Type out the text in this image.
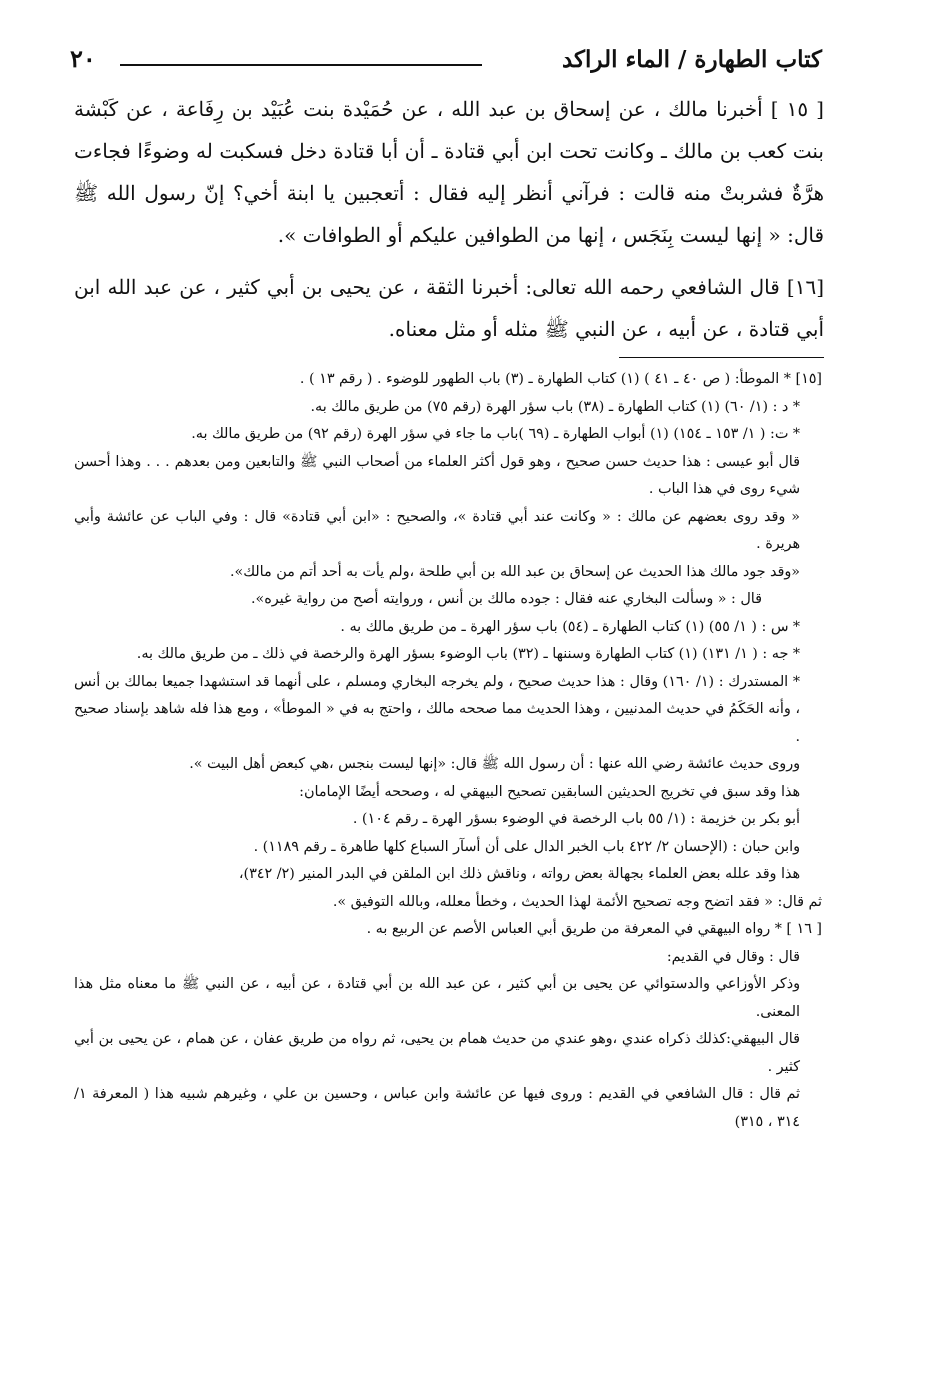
كتاب الطهارة / الماء الراكد
٢٠

[ ١٥ ] أخبرنا مالك ، عن إسحاق بن عبد الله ، عن حُمَيْدة بنت عُبَيْد بن رِفَاعة ، عن كَبْشة بنت كعب بن مالك ـ وكانت تحت ابن أبي قتادة ـ أن أبا قتادة دخل فسكبت له وضوءًا فجاءت هرَّةٌ فشربتْ منه قالت : فرآني أنظر إليه فقال : أتعجبين يا ابنة أخي؟ إنّ رسول الله ﷺ قال: « إنها ليست بِنَجَس ، إنها من الطوافين عليكم أو الطوافات ».

[١٦] قال الشافعي رحمه الله تعالى: أخبرنا الثقة ، عن يحيى بن أبي كثير ، عن عبد الله ابن أبي قتادة ، عن أبيه ، عن النبي ﷺ مثله أو مثل معناه.

[١٥] * الموطأ: ( ص ٤٠ ـ ٤١ ) (١) كتاب الطهارة ـ (٣) باب الطهور للوضوء . ( رقم ١٣ ) .

* د : (١/ ٦٠) (١) كتاب الطهارة ـ (٣٨) باب سؤر الهرة (رقم ٧٥) من طريق مالك به.

* ت: ( ١/ ١٥٣ ـ ١٥٤) (١) أبواب الطهارة ـ (٦٩ )باب ما جاء في سؤر الهرة (رقم ٩٢) من طريق مالك به.

قال أبو عيسى : هذا حديث حسن صحيح ، وهو قول أكثر العلماء من أصحاب النبي ﷺ والتابعين ومن بعدهم . . . وهذا أحسن شيء روى في هذا الباب .

« وقد روى بعضهم عن مالك : « وكانت عند أبي قتادة »، والصحيح : «ابن أبي قتادة» قال : وفي الباب عن عائشة وأبي هريرة .

«وقد جود مالك هذا الحديث عن إسحاق بن عبد الله بن أبي طلحة ،ولم يأت به أحد أتم من مالك».

قال : « وسألت البخاري عنه فقال : جوده مالك بن أنس ، وروايته أصح من رواية غيره».

* س : ( ١/ ٥٥) (١) كتاب الطهارة ـ (٥٤) باب سؤر الهرة ـ من طريق مالك به .

* جه : ( ١/ ١٣١) (١) كتاب الطهارة وسننها ـ (٣٢) باب الوضوء بسؤر الهرة والرخصة في ذلك ـ من طريق مالك به.

* المستدرك : (١/ ١٦٠) وقال : هذا حديث صحيح ، ولم يخرجه البخاري ومسلم ، على أنهما قد استشهدا جميعا بمالك بن أنس ، وأنه الحَكَمُ في حديث المدنيين ، وهذا الحديث مما صححه مالك ، واحتج به في « الموطأ» ، ومع هذا فله شاهد بإسناد صحيح .

وروى حديث عائشة رضي الله عنها : أن رسول الله ﷺ قال: «إنها ليست بنجس ،هي كبعض أهل البيت ».

هذا وقد سبق في تخريج الحديثين السابقين تصحيح البيهقي له ، وصححه أيضًا الإمامان:

أبو بكر بن خزيمة : (١/ ٥٥ باب الرخصة في الوضوء بسؤر الهرة ـ رقم ١٠٤) .

وابن حبان : (الإحسان ٢/ ٤٢٢ باب الخبر الدال على أن أسآر السباع كلها طاهرة ـ رقم ١١٨٩) .

هذا وقد علله بعض العلماء بجهالة بعض رواته ، وناقش ذلك ابن الملقن في البدر المنير (٢/ ٣٤٢)،

ثم قال: « فقد اتضح وجه تصحيح الأئمة لهذا الحديث ، وخطأ معلله، وبالله التوفيق ».

[ ١٦ ] * رواه البيهقي في المعرفة من طريق أبي العباس الأصم عن الربيع به .

قال : وقال في القديم:

وذكر الأوزاعي والدستوائي عن يحيى بن أبي كثير ، عن عبد الله بن أبي قتادة ، عن أبيه ، عن النبي ﷺ ما معناه مثل هذا المعنى.

قال البيهقي:كذلك ذكراه عندي ،وهو عندي من حديث همام بن يحيى، ثم رواه من طريق عفان ، عن همام ، عن يحيى بن أبي كثير .

ثم قال : قال الشافعي في القديم : وروى فيها عن عائشة وابن عباس ، وحسين بن علي ، وغيرهم شبيه هذا ( المعرفة ١/ ٣١٤ ، ٣١٥)
